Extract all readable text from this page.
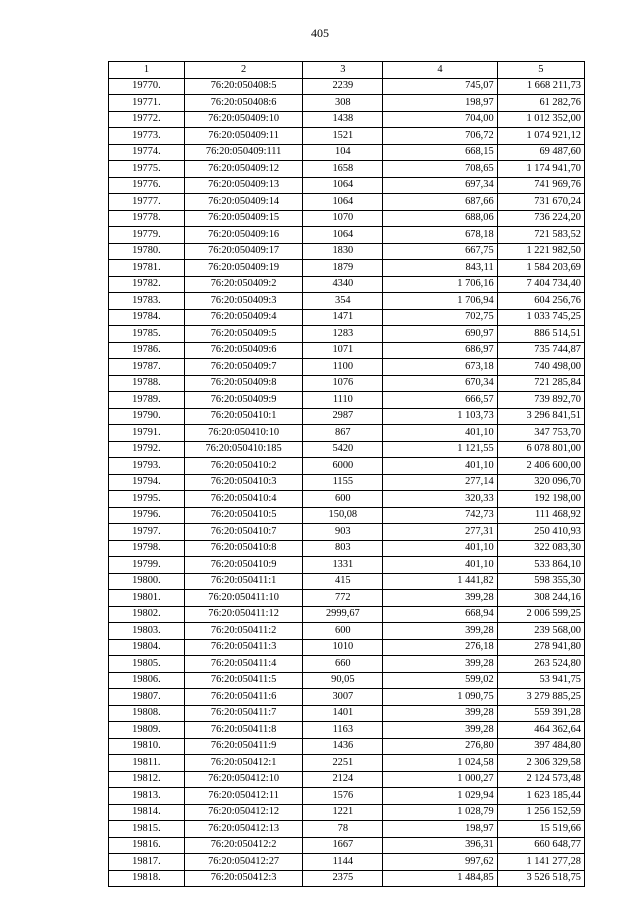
405
1	2	3	4	5
19770.	76:20:050408:5	2239	745,07	1 668 211,73
19771.	76:20:050408:6	308	198,97	61 282,76
19772.	76:20:050409:10	1438	704,00	1 012 352,00
19773.	76:20:050409:11	1521	706,72	1 074 921,12
19774.	76:20:050409:111	104	668,15	69 487,60
19775.	76:20:050409:12	1658	708,65	1 174 941,70
19776.	76:20:050409:13	1064	697,34	741 969,76
19777.	76:20:050409:14	1064	687,66	731 670,24
19778.	76:20:050409:15	1070	688,06	736 224,20
19779.	76:20:050409:16	1064	678,18	721 583,52
19780.	76:20:050409:17	1830	667,75	1 221 982,50
19781.	76:20:050409:19	1879	843,11	1 584 203,69
19782.	76:20:050409:2	4340	1 706,16	7 404 734,40
19783.	76:20:050409:3	354	1 706,94	604 256,76
19784.	76:20:050409:4	1471	702,75	1 033 745,25
19785.	76:20:050409:5	1283	690,97	886 514,51
19786.	76:20:050409:6	1071	686,97	735 744,87
19787.	76:20:050409:7	1100	673,18	740 498,00
19788.	76:20:050409:8	1076	670,34	721 285,84
19789.	76:20:050409:9	1110	666,57	739 892,70
19790.	76:20:050410:1	2987	1 103,73	3 296 841,51
19791.	76:20:050410:10	867	401,10	347 753,70
19792.	76:20:050410:185	5420	1 121,55	6 078 801,00
19793.	76:20:050410:2	6000	401,10	2 406 600,00
19794.	76:20:050410:3	1155	277,14	320 096,70
19795.	76:20:050410:4	600	320,33	192 198,00
19796.	76:20:050410:5	150,08	742,73	111 468,92
19797.	76:20:050410:7	903	277,31	250 410,93
19798.	76:20:050410:8	803	401,10	322 083,30
19799.	76:20:050410:9	1331	401,10	533 864,10
19800.	76:20:050411:1	415	1 441,82	598 355,30
19801.	76:20:050411:10	772	399,28	308 244,16
19802.	76:20:050411:12	2999,67	668,94	2 006 599,25
19803.	76:20:050411:2	600	399,28	239 568,00
19804.	76:20:050411:3	1010	276,18	278 941,80
19805.	76:20:050411:4	660	399,28	263 524,80
19806.	76:20:050411:5	90,05	599,02	53 941,75
19807.	76:20:050411:6	3007	1 090,75	3 279 885,25
19808.	76:20:050411:7	1401	399,28	559 391,28
19809.	76:20:050411:8	1163	399,28	464 362,64
19810.	76:20:050411:9	1436	276,80	397 484,80
19811.	76:20:050412:1	2251	1 024,58	2 306 329,58
19812.	76:20:050412:10	2124	1 000,27	2 124 573,48
19813.	76:20:050412:11	1576	1 029,94	1 623 185,44
19814.	76:20:050412:12	1221	1 028,79	1 256 152,59
19815.	76:20:050412:13	78	198,97	15 519,66
19816.	76:20:050412:2	1667	396,31	660 648,77
19817.	76:20:050412:27	1144	997,62	1 141 277,28
19818.	76:20:050412:3	2375	1 484,85	3 526 518,75
